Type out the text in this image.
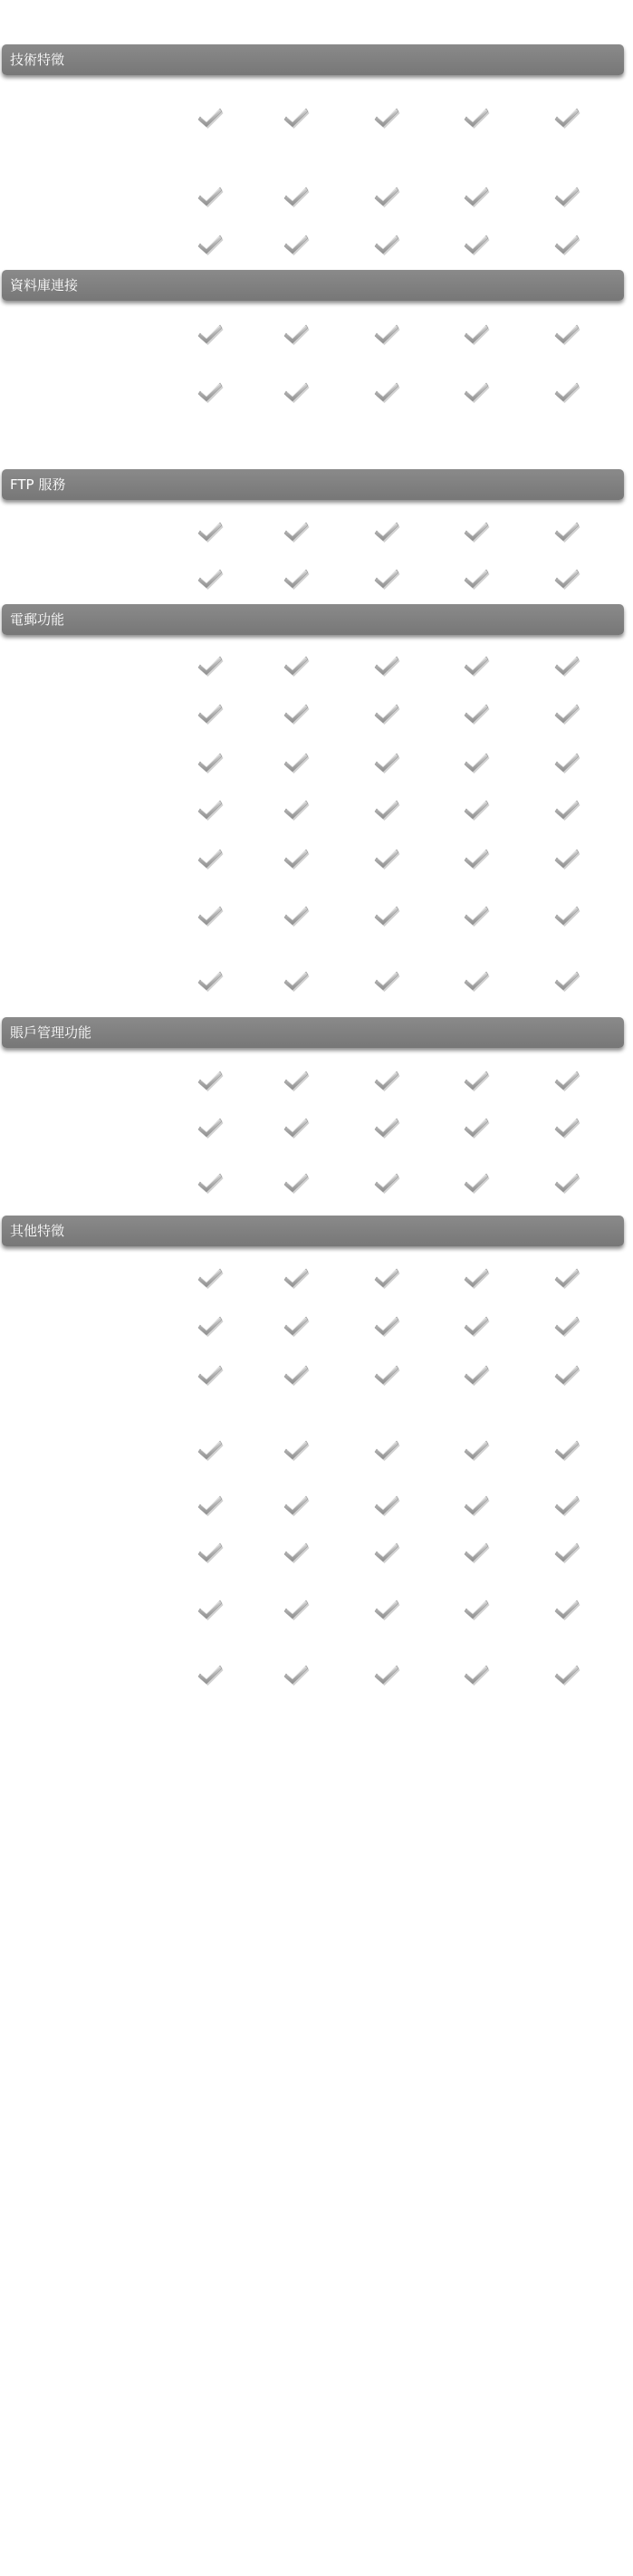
技術特徵
資料庫連接
FTP 服務
電郵功能
賬戶管理功能
其他特徵
